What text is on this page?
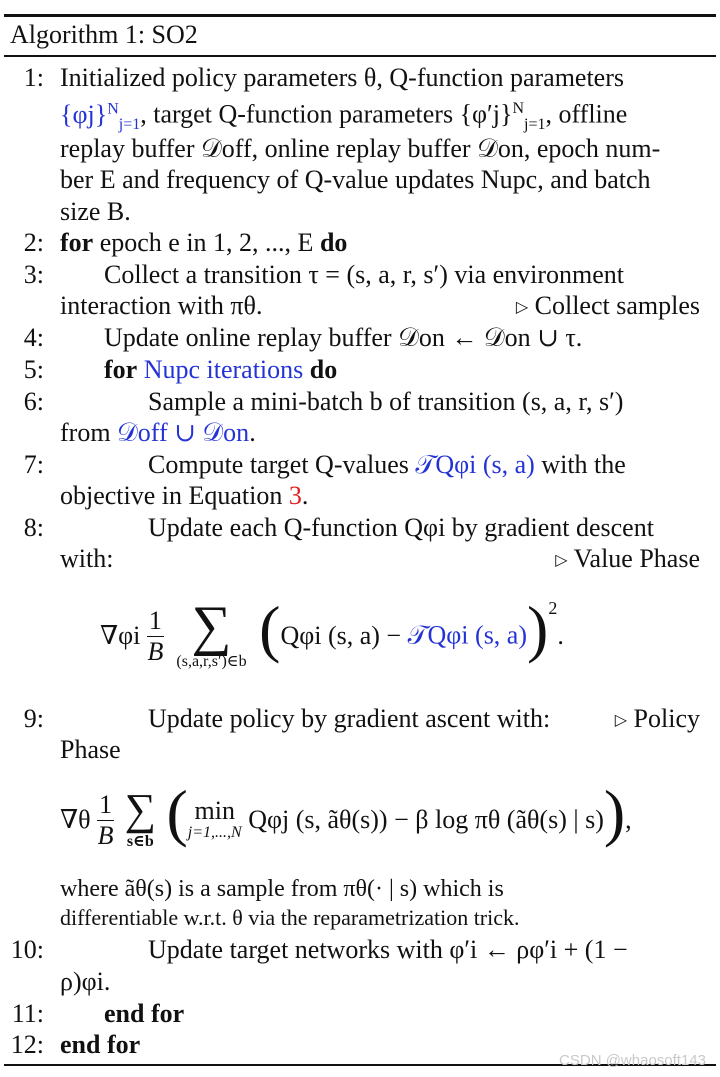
Algorithm 1: SO2
1: Initialized policy parameters θ, Q-function parameters
$\{\varphi j\}^N_{j=1}$, target Q-function parameters $\{\varphi'j\}^N_{j=1}$, offline
replay buffer 𝒟off, online replay buffer 𝒟on, epoch num-
ber E and frequency of Q-value updates Nupc, and batch
size B.
2: for epoch e in 1, 2, ..., E do
3: Collect a transition τ = (s, a, r, s′) via environment
interaction with πθ.	▷ Collect samples
4: Update online replay buffer 𝒟on ← 𝒟on ∪ τ.
5: for Nupc iterations do
6:	Sample a mini-batch b of transition (s, a, r, s′)
from 𝒟off ∪ 𝒟on.
7:	Compute target Q-values 𝒯Qφi (s, a) with the
objective in Equation 3.
8:	Update each Q-function Qφi by gradient descent
with:	▷ Value Phase
$\nabla\varphi i \frac{1}{B}$
∑
(s,a,r,s′)∈b (Qφi (s, a) − 𝒯Qφi (s, a))$^2$.
9:	Update policy by gradient ascent with:	▷ Policy
Phase
$\nabla\theta \frac{1}{B}$
∑
s∈b ( min
j=1,...,N Qφj (s, ãθ(s)) − β log πθ (ãθ(s) | s)),
where ãθ(s) is a sample from πθ(· | s) which is
differentiable w.r.t. θ via the reparametrization trick.
10:	Update target networks with φ′i ← ρφ′i + (1 −
ρ)φi.
11: end for
12: end for
CSDN @whaosoft143
